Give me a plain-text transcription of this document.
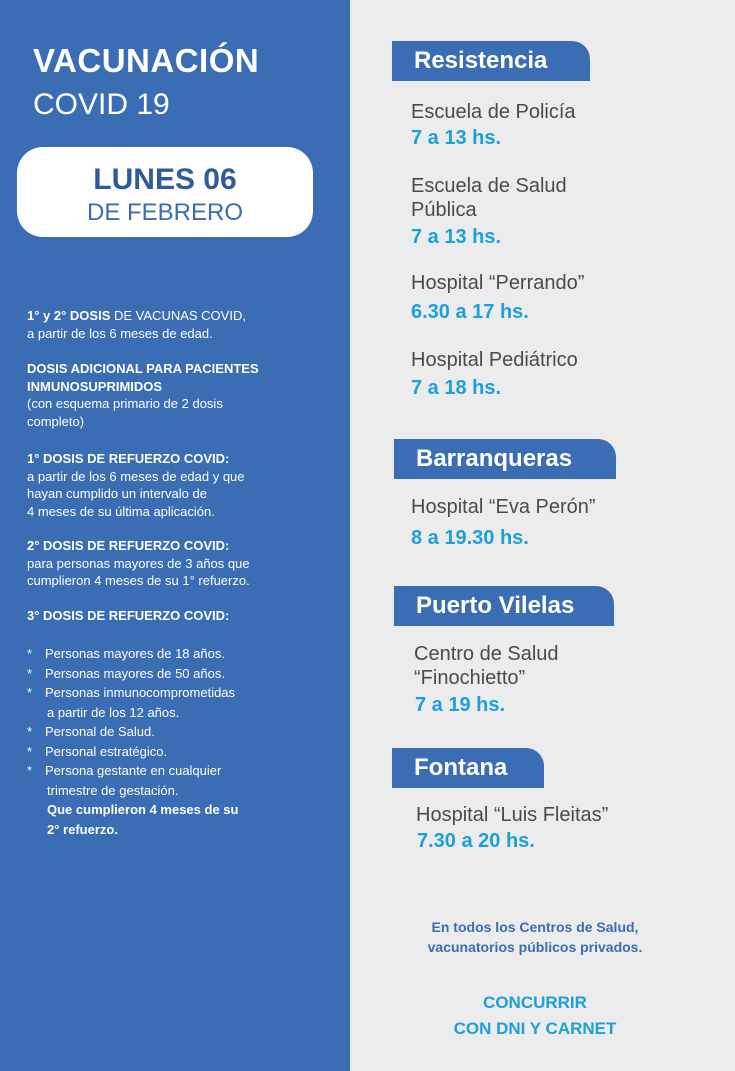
VACUNACIÓN
COVID 19
LUNES 06
DE FEBRERO
1° y 2° DOSIS DE VACUNAS COVID,
a partir de los 6 meses de edad.
DOSIS ADICIONAL PARA PACIENTES
INMUNOSUPRIMIDOS
(con esquema primario de 2 dosis
completo)
1° DOSIS DE REFUERZO COVID:
a partir de los 6 meses de edad y que
hayan cumplido un intervalo de
4 meses de su última aplicación.
2° DOSIS DE REFUERZO COVID:
para personas mayores de 3 años que
cumplieron 4 meses de su 1° refuerzo.
3° DOSIS DE REFUERZO COVID:
* Personas mayores de 18 años.
* Personas mayores de 50 años.
* Personas inmunocomprometidas
a partir de los 12 años.
* Personal de Salud.
* Personal estratégico.
* Persona gestante en cualquier
trimestre de gestación.
Que cumplieron 4 meses de su
2° refuerzo.
Resistencia
Escuela de Policía
7 a 13 hs.
Escuela de Salud
Pública
7 a 13 hs.
Hospital “Perrando”
6.30 a 17 hs.
Hospital Pediátrico
7 a 18 hs.
Barranqueras
Hospital “Eva Perón”
8 a 19.30 hs.
Puerto Vilelas
Centro de Salud
“Finochietto”
7 a 19 hs.
Fontana
Hospital “Luis Fleitas”
7.30 a 20 hs.
En todos los Centros de Salud,
vacunatorios públicos privados.
CONCURRIR
CON DNI Y CARNET
